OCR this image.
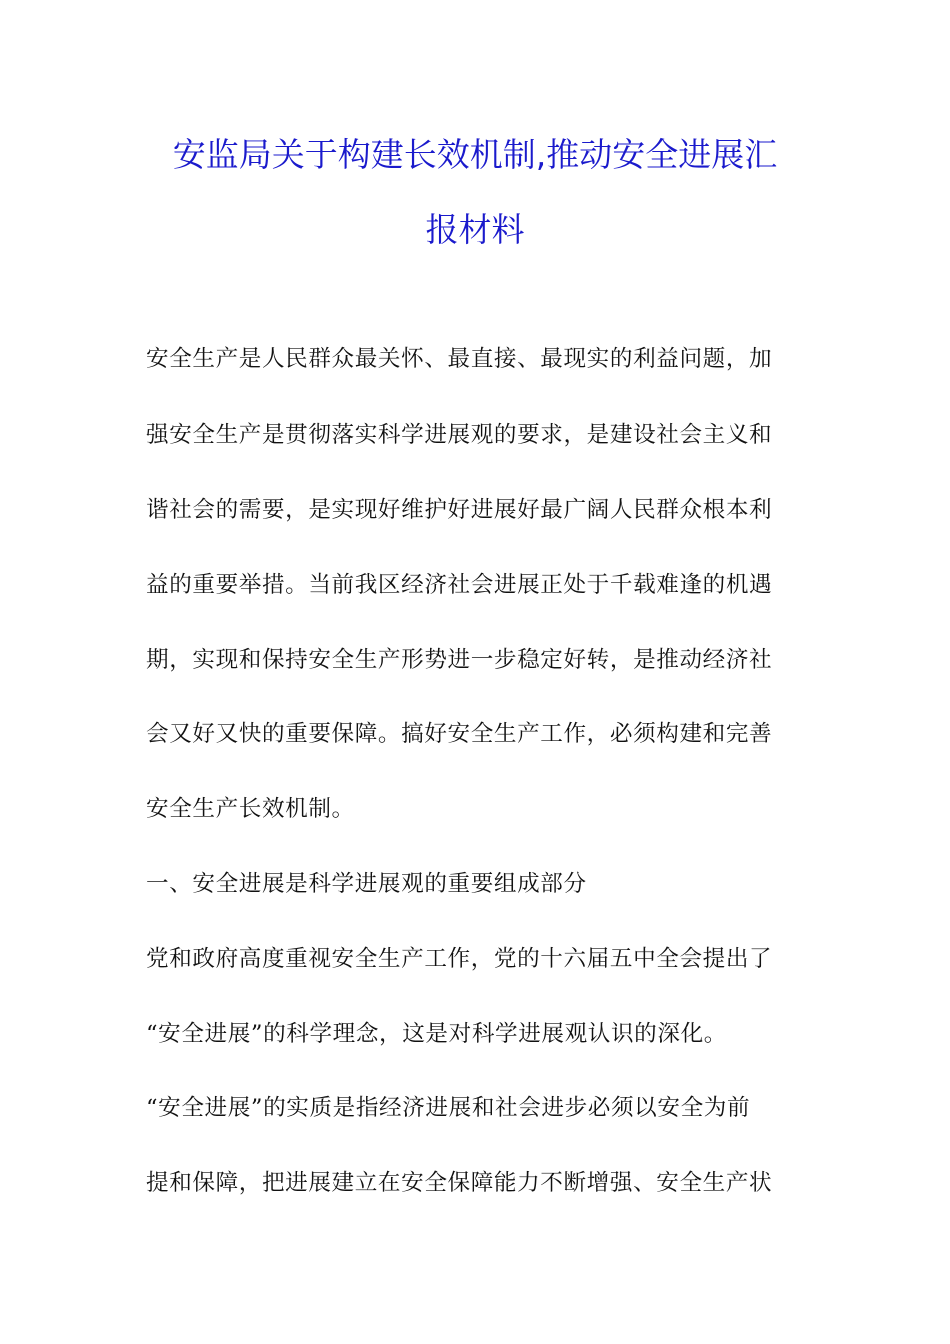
安监局关于构建长效机制,推动安全进展汇
报材料
安全生产是人民群众最关怀、最直接、最现实的利益问题，加
强安全生产是贯彻落实科学进展观的要求，是建设社会主义和
谐社会的需要，是实现好维护好进展好最广阔人民群众根本利
益的重要举措。当前我区经济社会进展正处于千载难逢的机遇
期，实现和保持安全生产形势进一步稳定好转，是推动经济社
会又好又快的重要保障。搞好安全生产工作，必须构建和完善
安全生产长效机制。
一、安全进展是科学进展观的重要组成部分
党和政府高度重视安全生产工作，党的十六届五中全会提出了
“安全进展”的科学理念，这是对科学进展观认识的深化。
“安全进展”的实质是指经济进展和社会进步必须以安全为前
提和保障，把进展建立在安全保障能力不断增强、安全生产状
